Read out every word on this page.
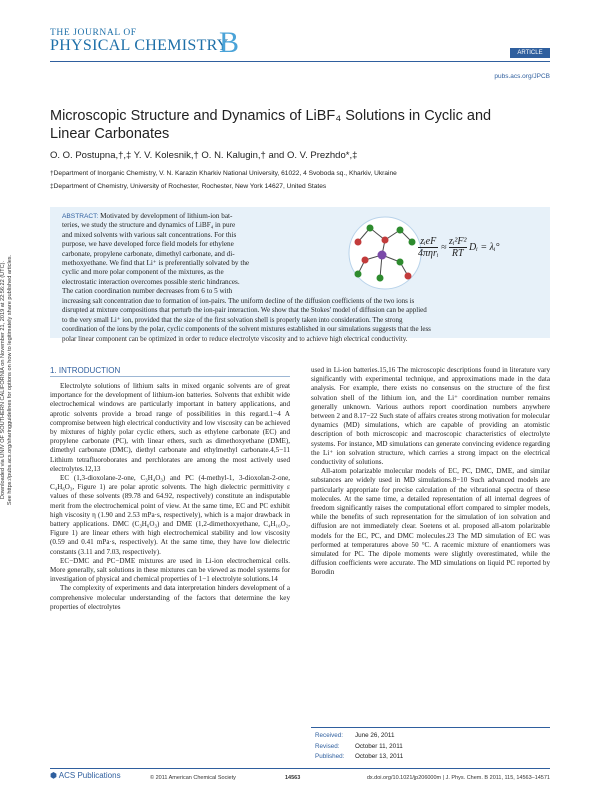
Downloaded via UNIV OF SOUTHERN CALIFORNIA on November 21, 2019 at 22:56:22 (UTC). See https://pubs.acs.org/sharingguidelines for options on how to legitimately share published articles.
THE JOURNAL OF
PHYSICAL CHEMISTRY
B	ARTICLE
pubs.acs.org/JPCB
Microscopic Structure and Dynamics of LiBF₄ Solutions in Cyclic and
Linear Carbonates
O. O. Postupna,†,‡ Y. V. Kolesnik,† O. N. Kalugin,† and O. V. Prezhdo*,‡
†Department of Inorganic Chemistry, V. N. Karazin Kharkiv National University, 61022, 4 Svoboda sq., Kharkiv, Ukraine
‡Department of Chemistry, University of Rochester, Rochester, New York 14627, United States
ABSTRACT: Motivated by development of lithium-ion bat-
teries, we study the structure and dynamics of LiBF₄ in pure
and mixed solvents with various salt concentrations. For this
purpose, we have developed force field models for ethylene
carbonate, propylene carbonate, dimethyl carbonate, and di-
methoxyethane. We find that Li⁺ is preferentially solvated by the
cyclic and more polar component of the mixtures, as the
electrostatic interaction overcomes possible steric hindrances.
The cation coordination number decreases from 6 to 5 with
increasing salt concentration due to formation of ion-pairs. The uniform decline of the diffusion coefficients of the two ions is
disrupted at mixture compositions that perturb the ion-pair interaction. We show that the Stokes' model of diffusion can be applied
to the very small Li⁺ ion, provided that the size of the first solvation shell is properly taken into consideration. The strong
coordination of the ions by the polar, cyclic components of the solvent mixtures established in our simulations suggests that the less
polar linear component can be optimized in order to reduce electrolyte viscosity and to achieve high electrical conductivity.
zᵢeF
4πηrᵢ
≈ $\frac{\text{zᵢ²F²}}{RT}$ Dᵢ = λᵢ°
1. INTRODUCTION

Electrolyte solutions of lithium salts in mixed organic solvents are of great importance for the development of lithium-ion batteries. Solvents that exhibit wide electrochemical windows are particularly important in battery applications, and aprotic solvents provide a broad range of possibilities in this regard.1−4 A compromise between high electrical conductivity and low viscosity can be achieved by mixtures of highly polar cyclic ethers, such as ethylene carbonate (EC) and propylene carbonate (PC), with linear ethers, such as dimethoxyethane (DME), dimethyl carbonate (DMC), diethyl carbonate and ethylmethyl carbonate.4,5−11 Lithium tetrafluoroborates and perchlorates are among the most actively used electrolytes.12,13

EC (1,3-dioxolane-2-one, C₃H₄O₃) and PC (4-methyl-1, 3-dioxolan-2-one, C₄H₆O₃, Figure 1) are polar aprotic solvents. The high dielectric permittivity ε values of these solvents (89.78 and 64.92, respectively) constitute an indisputable merit from the electrochemical point of view. At the same time, EC and PC exhibit high viscosity η (1.90 and 2.53 mPa·s, respectively), which is a major drawback in battery applications. DMC (C₃H₆O₃) and DME (1,2-dimethoxyethane, C₄H₁₀O₂, Figure 1) are linear ethers with high electrochemical stability and low viscosity (0.59 and 0.41 mPa·s, respectively). At the same time, they have low dielectric constants (3.11 and 7.03, respectively).

EC−DMC and PC−DME mixtures are used in Li-ion electrochemical cells. More generally, salt solutions in these mixtures can be viewed as model systems for investigation of physical and chemical properties of 1−1 electrolyte solutions.14

The complexity of experiments and data interpretation hinders development of a comprehensive molecular understanding of the factors that determine the key properties of electrolytes

used in Li-ion batteries.15,16 The microscopic descriptions found in literature vary significantly with experimental technique, and approximations made in the data analysis. For example, there exists no consensus on the structure of the first solvation shell of the lithium ion, and the Li⁺ coordination number remains generally unknown. Various authors report coordination numbers anywhere between 2 and 8.17−22 Such state of affairs creates strong motivation for molecular dynamics (MD) simulations, which are capable of providing an atomistic description of both microscopic and macroscopic characteristics of electrolyte systems. For instance, MD simulations can generate convincing evidence regarding the Li⁺ ion solvation structure, which carries a strong impact on the electrical conductivity of solutions.

All-atom polarizable molecular models of EC, PC, DMC, DME, and similar substances are widely used in MD simulations.8−10 Such advanced models are particularly appropriate for precise calculation of the vibrational spectra of these molecules. At the same time, a detailed representation of all internal degrees of freedom significantly raises the computational effort compared to simpler models, while the benefits of such representation for the simulation of ion solvation and diffusion are not immediately clear. Soetens et al. proposed all-atom polarizable models for the EC, PC, and DMC molecules.23 The MD simulation of EC was performed at temperatures above 50 °C. A racemic mixture of enantiomers was simulated for PC. The dipole moments were slightly overestimated, while the diffusion coefficients were accurate. The MD simulations on liquid PC reported by Borodin

Received: June 26, 2011
Revised: October 11, 2011
Published: October 13, 2011
⬢ ACS Publications	© 2011 American Chemical Society	14563	dx.doi.org/10.1021/jp206000m | J. Phys. Chem. B 2011, 115, 14563–14571
